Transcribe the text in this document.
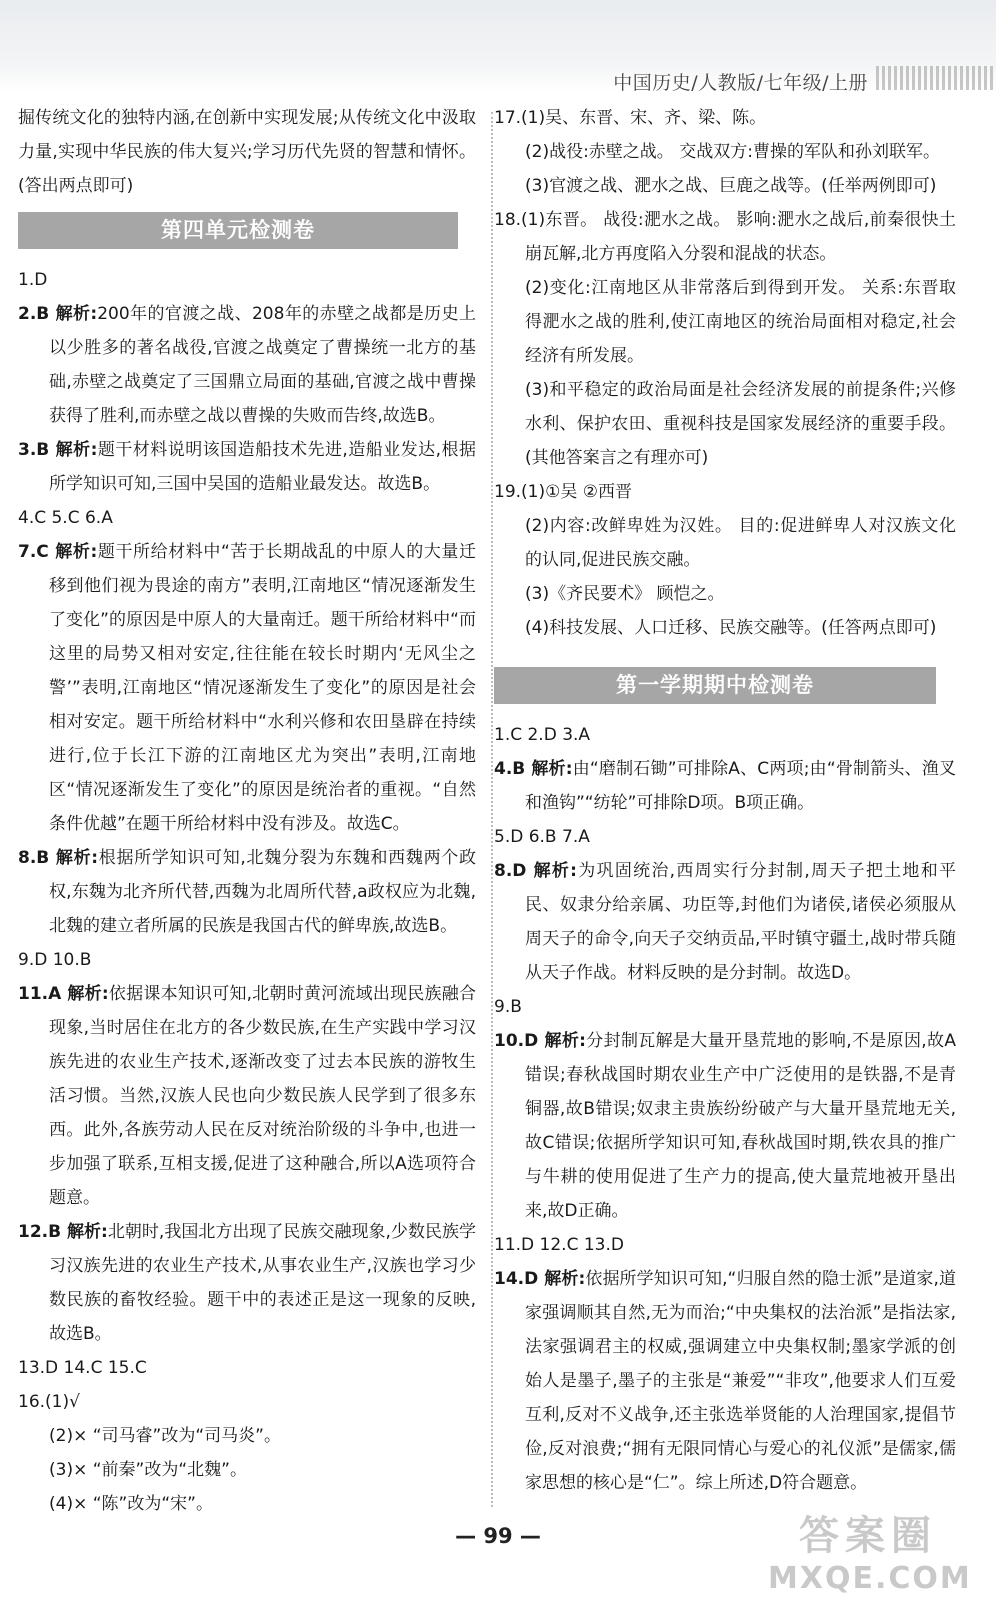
中国历史/人教版/七年级/上册

掘传统文化的独特内涵,在创新中实现发展;从传统文化中汲取力量,实现中华民族的伟大复兴;学习历代先贤的智慧和情怀。(答出两点即可)

第四单元检测卷

1.D

2.B 解析:200年的官渡之战、208年的赤壁之战都是历史上以少胜多的著名战役,官渡之战奠定了曹操统一北方的基础,赤壁之战奠定了三国鼎立局面的基础,官渡之战中曹操获得了胜利,而赤壁之战以曹操的失败而告终,故选B。

3.B 解析:题干材料说明该国造船技术先进,造船业发达,根据所学知识可知,三国中吴国的造船业最发达。故选B。

4.C 5.C 6.A

7.C 解析:题干所给材料中“苦于长期战乱的中原人的大量迁移到他们视为畏途的南方”表明,江南地区“情况逐渐发生了变化”的原因是中原人的大量南迁。题干所给材料中“而这里的局势又相对安定,往往能在较长时期内‘无风尘之警’”表明,江南地区“情况逐渐发生了变化”的原因是社会相对安定。题干所给材料中“水利兴修和农田垦辟在持续进行,位于长江下游的江南地区尤为突出”表明,江南地区“情况逐渐发生了变化”的原因是统治者的重视。“自然条件优越”在题干所给材料中没有涉及。故选C。

8.B 解析:根据所学知识可知,北魏分裂为东魏和西魏两个政权,东魏为北齐所代替,西魏为北周所代替,a政权应为北魏,北魏的建立者所属的民族是我国古代的鲜卑族,故选B。

9.D 10.B

11.A 解析:依据课本知识可知,北朝时黄河流域出现民族融合现象,当时居住在北方的各少数民族,在生产实践中学习汉族先进的农业生产技术,逐渐改变了过去本民族的游牧生活习惯。当然,汉族人民也向少数民族人民学到了很多东西。此外,各族劳动人民在反对统治阶级的斗争中,也进一步加强了联系,互相支援,促进了这种融合,所以A选项符合题意。

12.B 解析:北朝时,我国北方出现了民族交融现象,少数民族学习汉族先进的农业生产技术,从事农业生产,汉族也学习少数民族的畜牧经验。题干中的表述正是这一现象的反映,故选B。

13.D 14.C 15.C

16.(1)√

(2)× “司马睿”改为“司马炎”。

(3)× “前秦”改为“北魏”。

(4)× “陈”改为“宋”。

17.(1)吴、东晋、宋、齐、梁、陈。

(2)战役:赤壁之战。 交战双方:曹操的军队和孙刘联军。

(3)官渡之战、淝水之战、巨鹿之战等。(任举两例即可)

18.(1)东晋。 战役:淝水之战。 影响:淝水之战后,前秦很快土崩瓦解,北方再度陷入分裂和混战的状态。

(2)变化:江南地区从非常落后到得到开发。 关系:东晋取得淝水之战的胜利,使江南地区的统治局面相对稳定,社会经济有所发展。

(3)和平稳定的政治局面是社会经济发展的前提条件;兴修水利、保护农田、重视科技是国家发展经济的重要手段。(其他答案言之有理亦可)

19.(1)①吴 ②西晋

(2)内容:改鲜卑姓为汉姓。 目的:促进鲜卑人对汉族文化的认同,促进民族交融。

(3)《齐民要术》 顾恺之。

(4)科技发展、人口迁移、民族交融等。(任答两点即可)

第一学期期中检测卷

1.C 2.D 3.A

4.B 解析:由“磨制石锄”可排除A、C两项;由“骨制箭头、渔叉和渔钩”“纺轮”可排除D项。B项正确。

5.D 6.B 7.A

8.D 解析:为巩固统治,西周实行分封制,周天子把土地和平民、奴隶分给亲属、功臣等,封他们为诸侯,诸侯必须服从周天子的命令,向天子交纳贡品,平时镇守疆土,战时带兵随从天子作战。材料反映的是分封制。故选D。

9.B

10.D 解析:分封制瓦解是大量开垦荒地的影响,不是原因,故A错误;春秋战国时期农业生产中广泛使用的是铁器,不是青铜器,故B错误;奴隶主贵族纷纷破产与大量开垦荒地无关,故C错误;依据所学知识可知,春秋战国时期,铁农具的推广与牛耕的使用促进了生产力的提高,使大量荒地被开垦出来,故D正确。

11.D 12.C 13.D

14.D 解析:依据所学知识可知,“归服自然的隐士派”是道家,道家强调顺其自然,无为而治;“中央集权的法治派”是指法家,法家强调君主的权威,强调建立中央集权制;墨家学派的创始人是墨子,墨子的主张是“兼爱”“非攻”,他要求人们互爱互利,反对不义战争,还主张选举贤能的人治理国家,提倡节俭,反对浪费;“拥有无限同情心与爱心的礼仪派”是儒家,儒家思想的核心是“仁”。综上所述,D符合题意。

— 99 —	答案圈
MXQE.COM
